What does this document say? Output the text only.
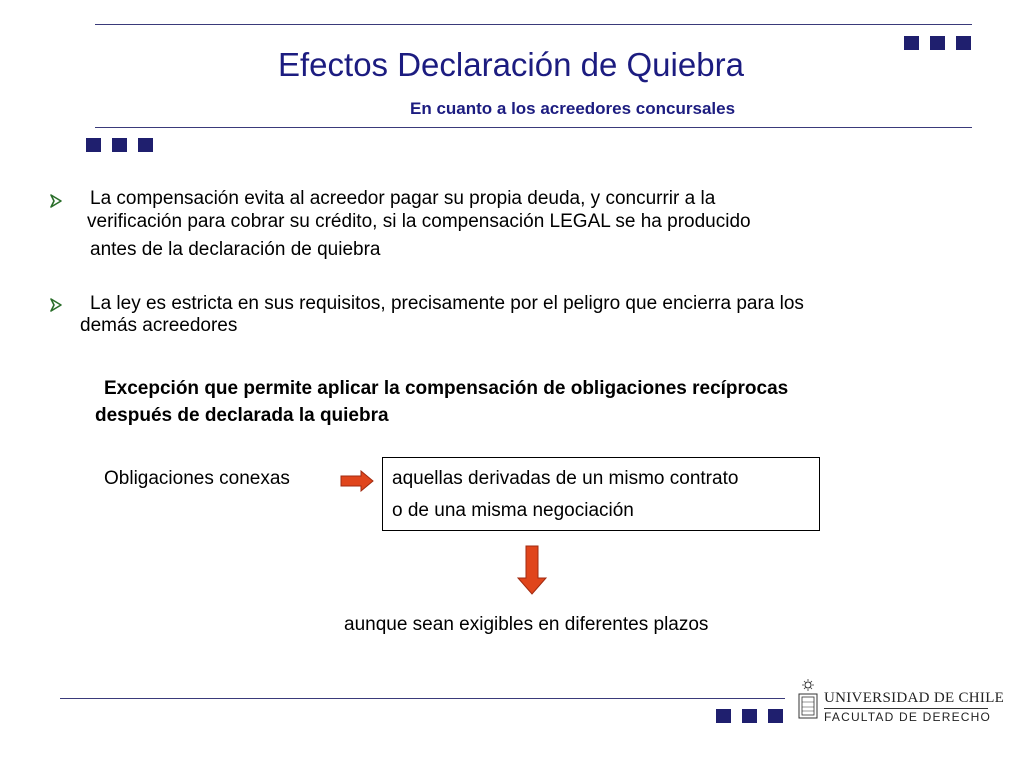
Efectos Declaración de Quiebra
En cuanto a los acreedores concursales
La compensación evita al acreedor pagar su propia deuda, y concurrir a la
verificación para cobrar su crédito, si la compensación LEGAL se ha producido
antes de la declaración de quiebra
La ley es estricta en sus requisitos, precisamente por el peligro que encierra para los
demás acreedores
Excepción que permite aplicar la compensación de obligaciones recíprocas
después de declarada la quiebra
Obligaciones conexas	aquellas derivadas de un mismo contrato
o de una misma negociación
aunque sean exigibles en diferentes plazos
UNIVERSIDAD DE CHILE
FACULTAD DE DERECHO
